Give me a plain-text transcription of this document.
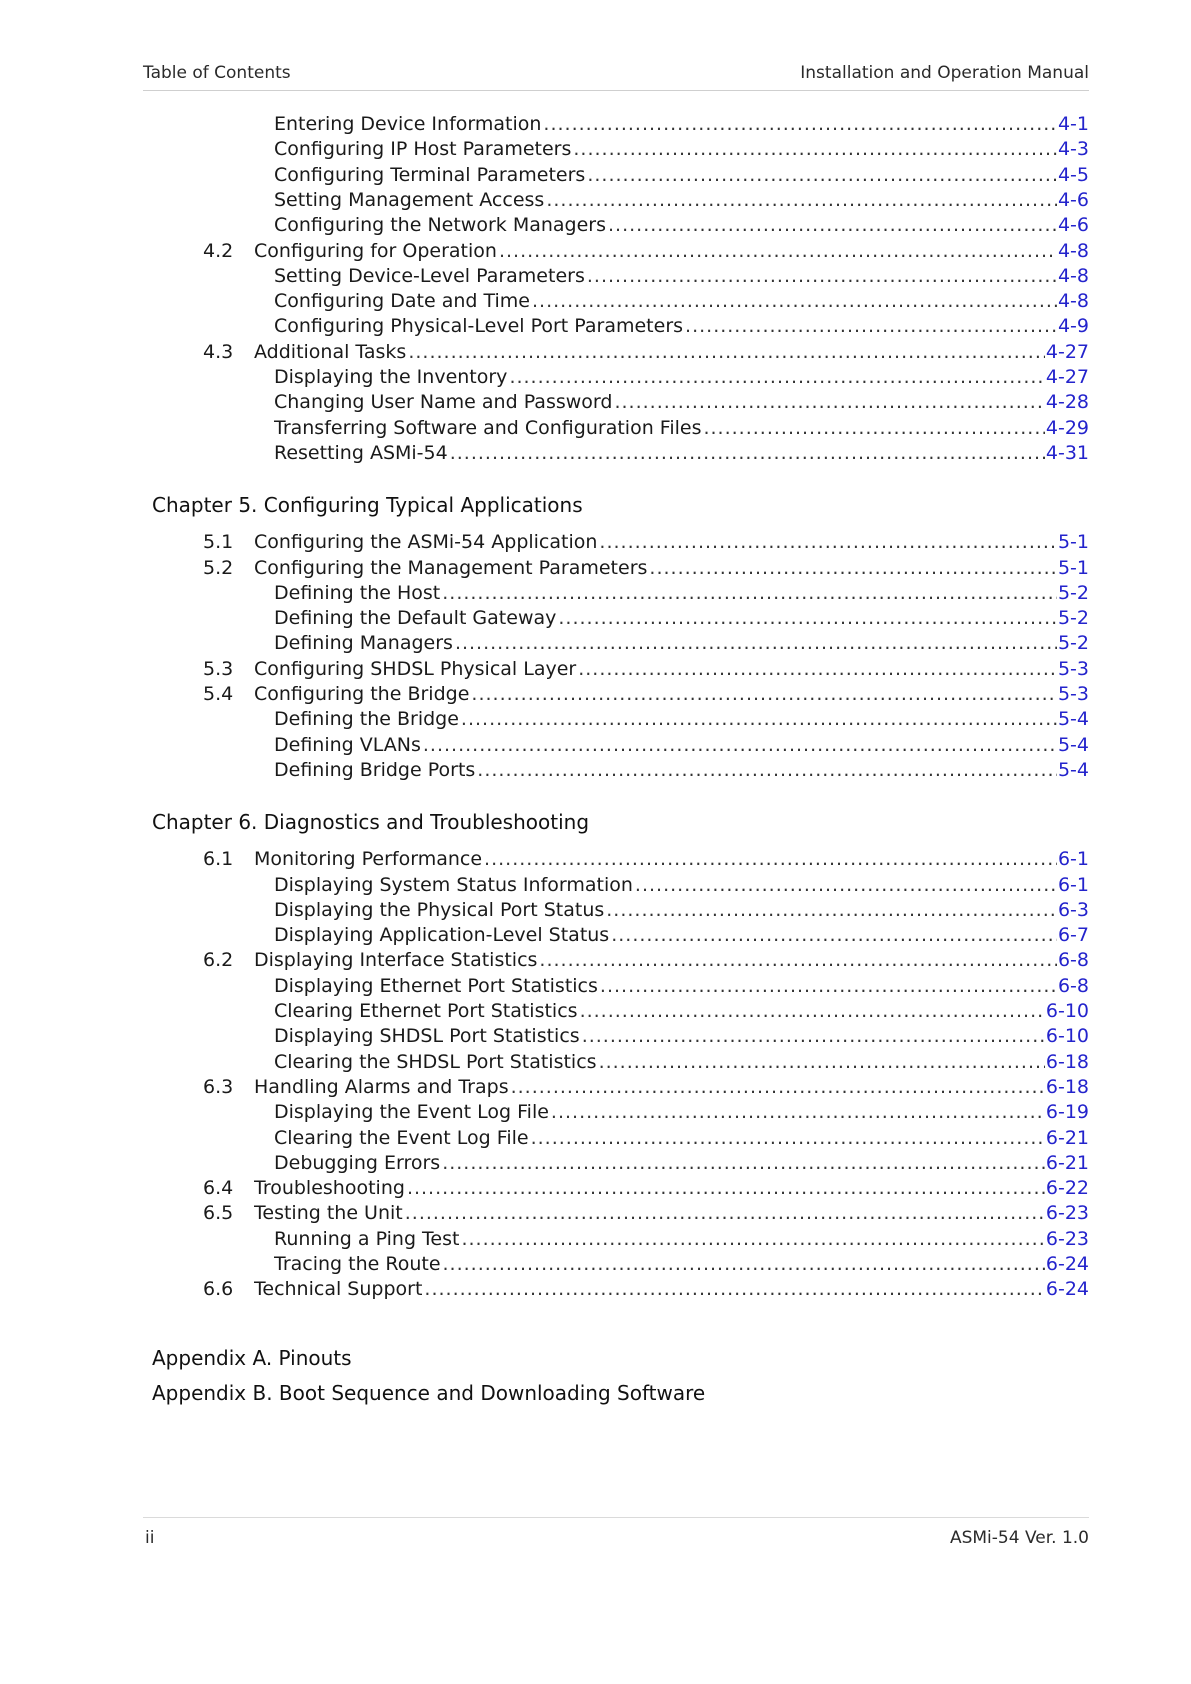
Table of Contents	Installation and Operation Manual
Entering Device Information .....	4-1
Configuring IP Host Parameters .....	4-3
Configuring Terminal Parameters .....	4-5
Setting Management Access .....	4-6
Configuring the Network Managers .....	4-6
4.2 Configuring for Operation .....	4-8
Setting Device-Level Parameters .....	4-8
Configuring Date and Time .....	4-8
Configuring Physical-Level Port Parameters .....	4-9
4.3 Additional Tasks .....	4-27
Displaying the Inventory .....	4-27
Changing User Name and Password .....	4-28
Transferring Software and Configuration Files .....	4-29
Resetting ASMi-54 .....	4-31
Chapter 5. Configuring Typical Applications
5.1 Configuring the ASMi-54 Application .....	5-1
5.2 Configuring the Management Parameters .....	5-1
Defining the Host .....	5-2
Defining the Default Gateway .....	5-2
Defining Managers .....	5-2
5.3 Configuring SHDSL Physical Layer .....	5-3
5.4 Configuring the Bridge .....	5-3
Defining the Bridge .....	5-4
Defining VLANs .....	5-4
Defining Bridge Ports .....	5-4
Chapter 6. Diagnostics and Troubleshooting
6.1 Monitoring Performance .....	6-1
Displaying System Status Information .....	6-1
Displaying the Physical Port Status .....	6-3
Displaying Application-Level Status .....	6-7
6.2 Displaying Interface Statistics .....	6-8
Displaying Ethernet Port Statistics .....	6-8
Clearing Ethernet Port Statistics .....	6-10
Displaying SHDSL Port Statistics .....	6-10
Clearing the SHDSL Port Statistics .....	6-18
6.3 Handling Alarms and Traps .....	6-18
Displaying the Event Log File .....	6-19
Clearing the Event Log File .....	6-21
Debugging Errors .....	6-21
6.4 Troubleshooting .....	6-22
6.5 Testing the Unit .....	6-23
Running a Ping Test .....	6-23
Tracing the Route .....	6-24
6.6 Technical Support .....	6-24
Appendix A. Pinouts
Appendix B. Boot Sequence and Downloading Software
ii	ASMi-54 Ver. 1.0
